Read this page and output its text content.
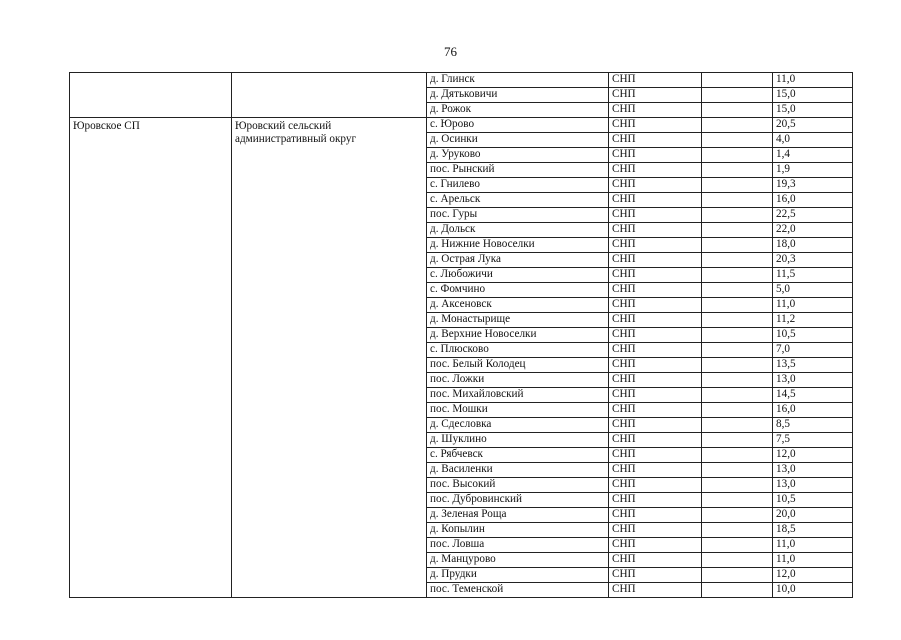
76
		д. Глинск	СНП		11,0
		д. Дятьковичи	СНП		15,0
		д. Рожок	СНП		15,0
Юровское СП	Юровский сельский административный округ	с. Юрово	СНП		20,5
		д. Осинки	СНП		4,0
		д. Уруково	СНП		1,4
		пос. Рынский	СНП		1,9
		с. Гнилево	СНП		19,3
		с. Арельск	СНП		16,0
		пос. Гуры	СНП		22,5
		д. Дольск	СНП		22,0
		д. Нижние Новоселки	СНП		18,0
		д. Острая Лука	СНП		20,3
		с. Любожичи	СНП		11,5
		с. Фомчино	СНП		5,0
		д. Аксеновск	СНП		11,0
		д. Монастырище	СНП		11,2
		д. Верхние Новоселки	СНП		10,5
		с. Плюсково	СНП		7,0
		пос. Белый Колодец	СНП		13,5
		пос. Ложки	СНП		13,0
		пос. Михайловский	СНП		14,5
		пос. Мошки	СНП		16,0
		д. Сдесловка	СНП		8,5
		д. Шуклино	СНП		7,5
		с. Рябчевск	СНП		12,0
		д. Василенки	СНП		13,0
		пос. Высокий	СНП		13,0
		пос. Дубровинский	СНП		10,5
		д. Зеленая Роща	СНП		20,0
		д. Копылин	СНП		18,5
		пос. Ловша	СНП		11,0
		д. Манцурово	СНП		11,0
		д. Прудки	СНП		12,0
		пос. Теменской	СНП		10,0
